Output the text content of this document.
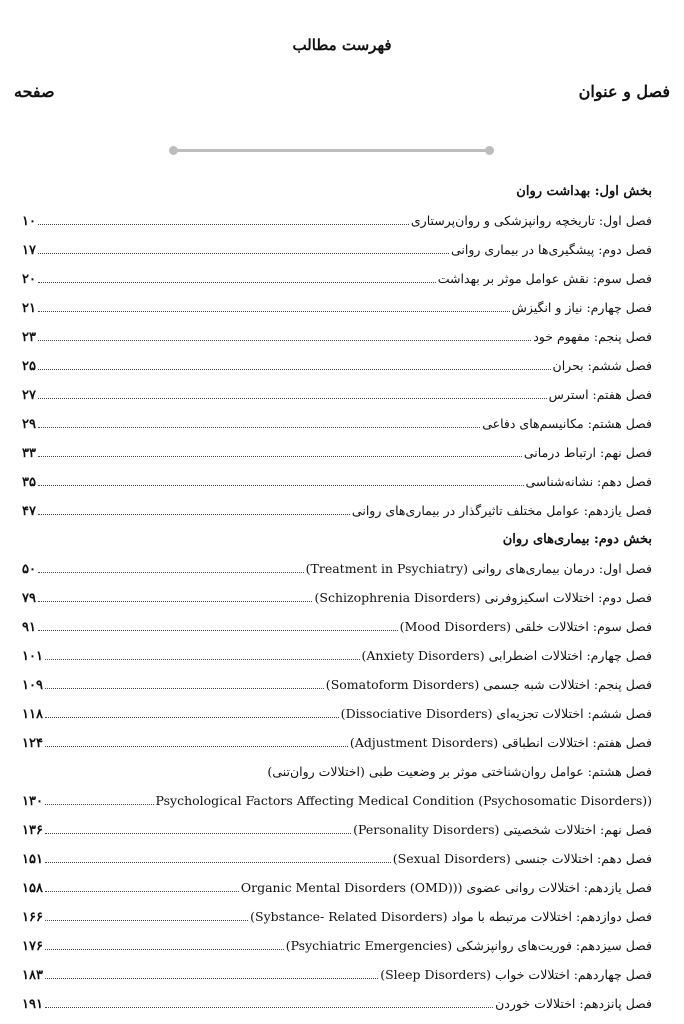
فهرست مطالب
فصل و عنوان
صفحه
بخش اول: بهداشت روان
فصل اول: تاریخچه روانپزشکی و روان‌پرستاری
۱۰
فصل دوم: پیشگیری‌ها در بیماری روانی
۱۷
فصل سوم: نقش عوامل موثر بر بهداشت
۲۰
فصل چهارم: نیاز و انگیزش
۲۱
فصل پنجم: مفهوم خود
۲۳
فصل ششم: بحران
۲۵
فصل هفتم: استرس
۲۷
فصل هشتم: مکانیسم‌های دفاعی
۲۹
فصل نهم: ارتباط درمانی
۳۳
فصل دهم: نشانه‌شناسی
۳۵
فصل یازدهم: عوامل مختلف تاثیرگذار در بیماری‌های روانی
۴۷
بخش دوم: بیماری‌های روان
فصل اول: درمان بیماری‌های روانی (Treatment in Psychiatry)
۵۰
فصل دوم: اختلالات اسکیزوفرنی (Schizophrenia Disorders)
۷۹
فصل سوم: اختلالات خلقی (Mood Disorders)
۹۱
فصل چهارم: اختلالات اضطرابی (Anxiety Disorders)
۱۰۱
فصل پنجم: اختلالات شبه جسمی (Somatoform Disorders)
۱۰۹
فصل ششم: اختلالات تجزیه‌ای (Dissociative Disorders)
۱۱۸
فصل هفتم: اختلالات انطباقی (Adjustment Disorders)
۱۲۴
فصل هشتم: عوامل روان‌شناختی موثر بر وضعیت طبی (اختلالات روان‌تنی)
(Psychological Factors Affecting Medical Condition (Psychosomatic Disorders)
۱۳۰
فصل نهم: اختلالات شخصیتی (Personality Disorders)
۱۳۶
فصل دهم: اختلالات جنسی (Sexual Disorders)
۱۵۱
فصل یازدهم: اختلالات روانی عضوی ((Organic Mental Disorders (OMD)
۱۵۸
فصل دوازدهم: اختلالات مرتبطه با مواد (Sybstance- Related Disorders)
۱۶۶
فصل سیزدهم: فوریت‌های روانپزشکی (Psychiatric Emergencies)
۱۷۶
فصل چهاردهم: اختلالات خواب (Sleep Disorders)
۱۸۳
فصل پانزدهم: اختلالات خوردن
۱۹۱
